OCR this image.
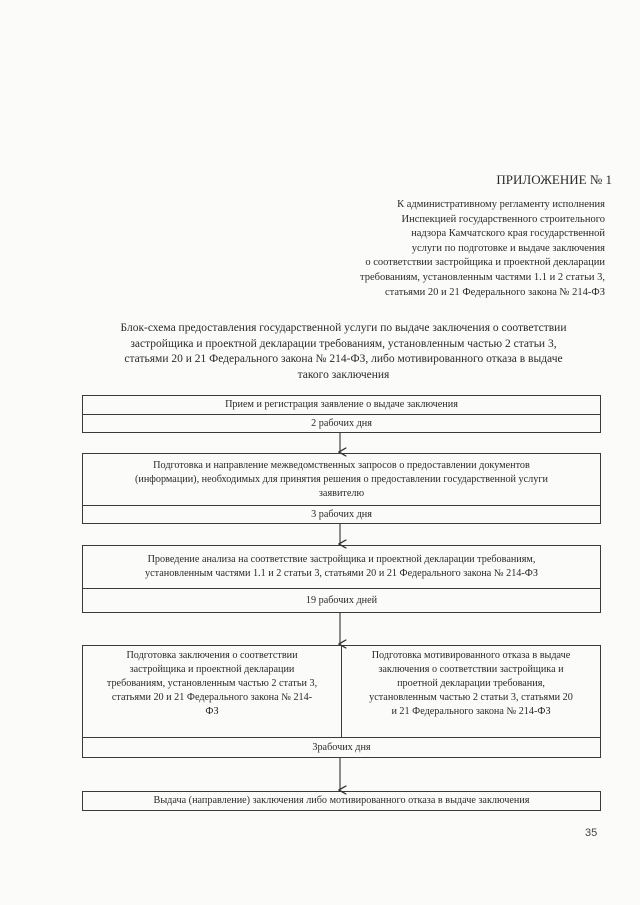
ПРИЛОЖЕНИЕ № 1
К административному регламенту исполнения
Инспекцией государственного строительного
надзора Камчатского края государственной
услуги по подготовке и выдаче заключения
о соответствии застройщика и проектной декларации
требованиям, установленным частями 1.1 и 2 статьи 3,
статьями 20 и 21 Федерального закона № 214-ФЗ
Блок-схема предоставления государственной услуги по выдаче заключения о соответствии
застройщика и проектной декларации требованиям, установленным частью 2 статьи 3,
статьями 20 и 21 Федерального закона № 214-ФЗ, либо мотивированного отказа в выдаче
такого заключения
Прием и регистрация заявление о выдаче заключения
2 рабочих дня
Подготовка и направление межведомственных запросов о предоставлении документов
(информации), необходимых для принятия решения о предоставлении государственной услуги
заявителю
3 рабочих дня
Проведение анализа на соответствие застройщика и проектной декларации требованиям,
установленным частями 1.1 и 2 статьи 3, статьями 20 и 21 Федерального закона № 214-ФЗ
19 рабочих дней
Подготовка заключения о соответствии
застройщика и проектной декларации
требованиям, установленным частью 2 статьи 3,
статьями 20 и 21 Федерального закона № 214-
ФЗ
Подготовка мотивированного отказа в выдаче
заключения о соответствии застройщика и
проетной декларации требования,
установленным частью 2 статьи 3, статьями 20
и 21 Федерального закона № 214-ФЗ
3рабочих дня
Выдача (направление) заключения либо мотивированного отказа в выдаче заключения
35
